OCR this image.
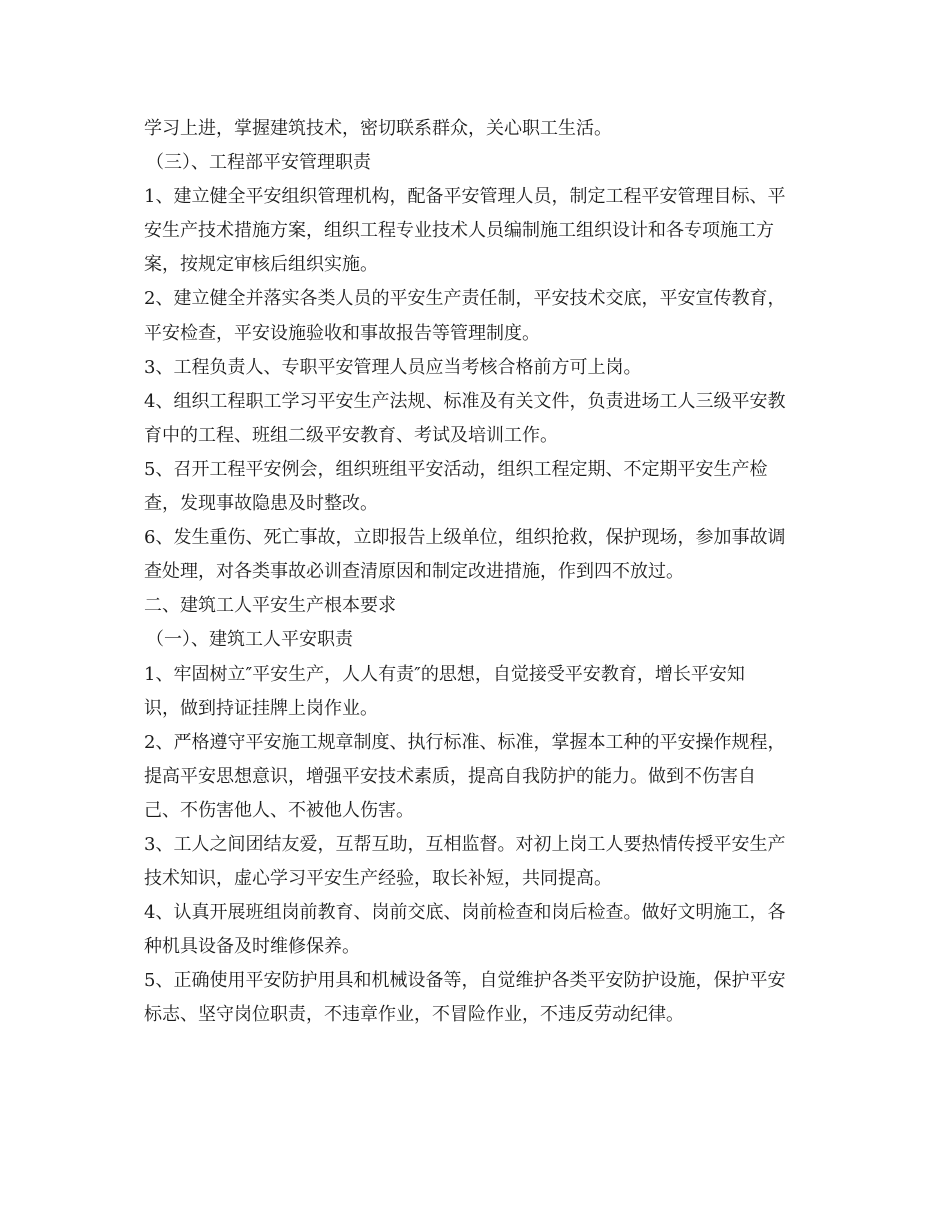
学习上进，掌握建筑技术，密切联系群众，关心职工生活。
（三）、工程部平安管理职责
1、建立健全平安组织管理机构，配备平安管理人员，制定工程平安管理目标、平
安生产技术措施方案，组织工程专业技术人员编制施工组织设计和各专项施工方
案，按规定审核后组织实施。
2、建立健全并落实各类人员的平安生产责任制，平安技术交底，平安宣传教育，
平安检查，平安设施验收和事故报告等管理制度。
3、工程负责人、专职平安管理人员应当考核合格前方可上岗。
4、组织工程职工学习平安生产法规、标准及有关文件，负责进场工人三级平安教
育中的工程、班组二级平安教育、考试及培训工作。
5、召开工程平安例会，组织班组平安活动，组织工程定期、不定期平安生产检
查，发现事故隐患及时整改。
6、发生重伤、死亡事故，立即报告上级单位，组织抢救，保护现场，参加事故调
查处理，对各类事故必训查清原因和制定改进措施，作到四不放过。
二、建筑工人平安生产根本要求
（一）、建筑工人平安职责
1、牢固树立″平安生产，人人有责″的思想，自觉接受平安教育，增长平安知
识，做到持证挂牌上岗作业。
2、严格遵守平安施工规章制度、执行标准、标准，掌握本工种的平安操作规程，
提高平安思想意识，增强平安技术素质，提高自我防护的能力。做到不伤害自
己、不伤害他人、不被他人伤害。
3、工人之间团结友爱，互帮互助，互相监督。对初上岗工人要热情传授平安生产
技术知识，虚心学习平安生产经验，取长补短，共同提高。
4、认真开展班组岗前教育、岗前交底、岗前检查和岗后检查。做好文明施工，各
种机具设备及时维修保养。
5、正确使用平安防护用具和机械设备等，自觉维护各类平安防护设施，保护平安
标志、坚守岗位职责，不违章作业，不冒险作业，不违反劳动纪律。
